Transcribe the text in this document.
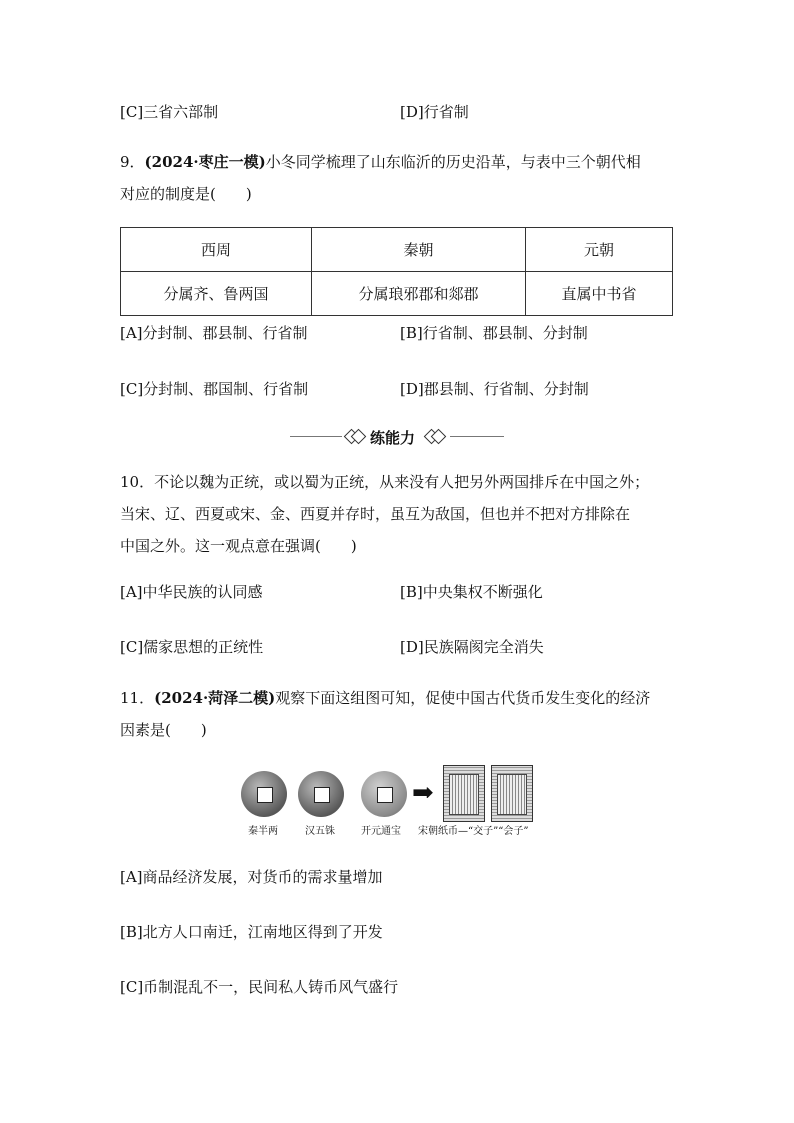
[C]三省六部制	[D]行省制
9．(2024·枣庄一模)小冬同学梳理了山东临沂的历史沿革，与表中三个朝代相
对应的制度是(　　)
西周	秦朝	元朝
分属齐、鲁两国	分属琅邪郡和郯郡	直属中书省
[A]分封制、郡县制、行省制	[B]行省制、郡县制、分封制
[C]分封制、郡国制、行省制	[D]郡县制、行省制、分封制
练能力
10．不论以魏为正统，或以蜀为正统，从来没有人把另外两国排斥在中国之外；
当宋、辽、西夏或宋、金、西夏并存时，虽互为敌国，但也并不把对方排除在
中国之外。这一观点意在强调(　　)
[A]中华民族的认同感	[B]中央集权不断强化
[C]儒家思想的正统性	[D]民族隔阂完全消失
11．(2024·菏泽二模)观察下面这组图可知，促使中国古代货币发生变化的经济
因素是(　　)
➡
秦半两	汉五铢	开元通宝 宋朝纸币—“交子”“会子”
[A]商品经济发展，对货币的需求量增加
[B]北方人口南迁，江南地区得到了开发
[C]币制混乱不一，民间私人铸币风气盛行
